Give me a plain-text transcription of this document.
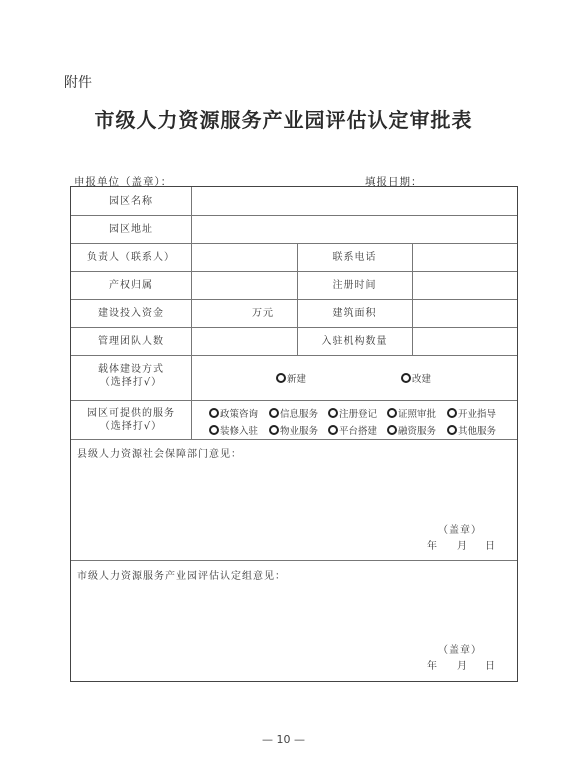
附件
市级人力资源服务产业园评估认定审批表
申报单位（盖章）：	填报日期：
园区名称
园区地址
负责人（联系人）	联系电话
产权归属	注册时间
建设投入资金	万元	建筑面积
管理团队人数	入驻机构数量
载体建设方式
（选择打√）	新建	改建
园区可提供的服务
（选择打√）
政策咨询	信息服务	注册登记	证照审批	开业指导
装修入驻	物业服务	平台搭建	融资服务	其他服务
县级人力资源社会保障部门意见：
（盖章）
年 月 日
市级人力资源服务产业园评估认定组意见：
（盖章）
年 月 日
— 10 —
